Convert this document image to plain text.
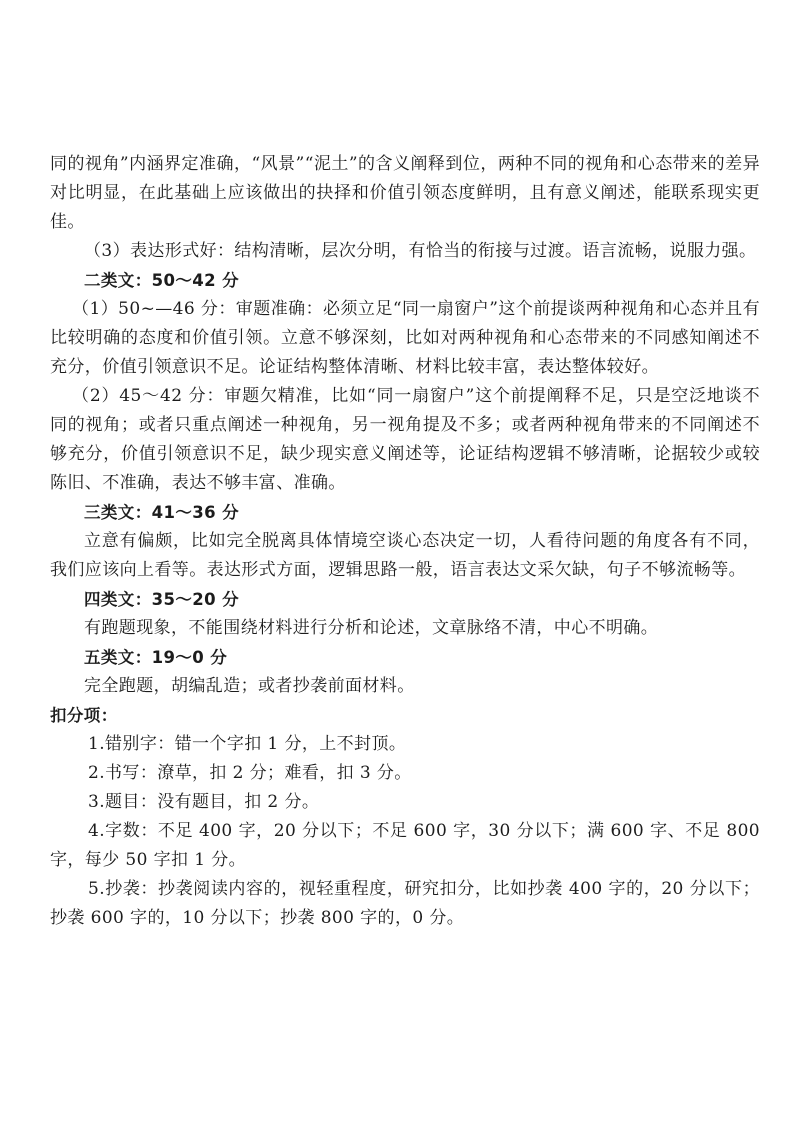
同的视角”内涵界定准确，“风景”“泥土”的含义阐释到位，两种不同的视角和心态带来的差异对比明显，在此基础上应该做出的抉择和价值引领态度鲜明，且有意义阐述，能联系现实更佳。

（3）表达形式好：结构清晰，层次分明，有恰当的衔接与过渡。语言流畅，说服力强。

二类文：50～42 分

（1）50~—46 分：审题准确：必须立足“同一扇窗户”这个前提谈两种视角和心态并且有比较明确的态度和价值引领。立意不够深刻，比如对两种视角和心态带来的不同感知阐述不充分，价值引领意识不足。论证结构整体清晰、材料比较丰富，表达整体较好。

（2）45～42 分：审题欠精准，比如“同一扇窗户”这个前提阐释不足，只是空泛地谈不同的视角；或者只重点阐述一种视角，另一视角提及不多；或者两种视角带来的不同阐述不够充分，价值引领意识不足，缺少现实意义阐述等，论证结构逻辑不够清晰，论据较少或较陈旧、不准确，表达不够丰富、准确。

三类文：41～36 分

立意有偏颇，比如完全脱离具体情境空谈心态决定一切，人看待问题的角度各有不同，我们应该向上看等。表达形式方面，逻辑思路一般，语言表达文采欠缺，句子不够流畅等。

四类文：35～20 分

有跑题现象，不能围绕材料进行分析和论述，文章脉络不清，中心不明确。

五类文：19～0 分

完全跑题，胡编乱造；或者抄袭前面材料。

扣分项：

1.错别字：错一个字扣 1 分，上不封顶。

2.书写：潦草，扣 2 分；难看，扣 3 分。

3.题目：没有题目，扣 2 分。

4.字数：不足 400 字，20 分以下；不足 600 字，30 分以下；满 600 字、不足 800 字，每少 50 字扣 1 分。

5.抄袭：抄袭阅读内容的，视轻重程度，研究扣分，比如抄袭 400 字的，20 分以下；抄袭 600 字的，10 分以下；抄袭 800 字的，0 分。
